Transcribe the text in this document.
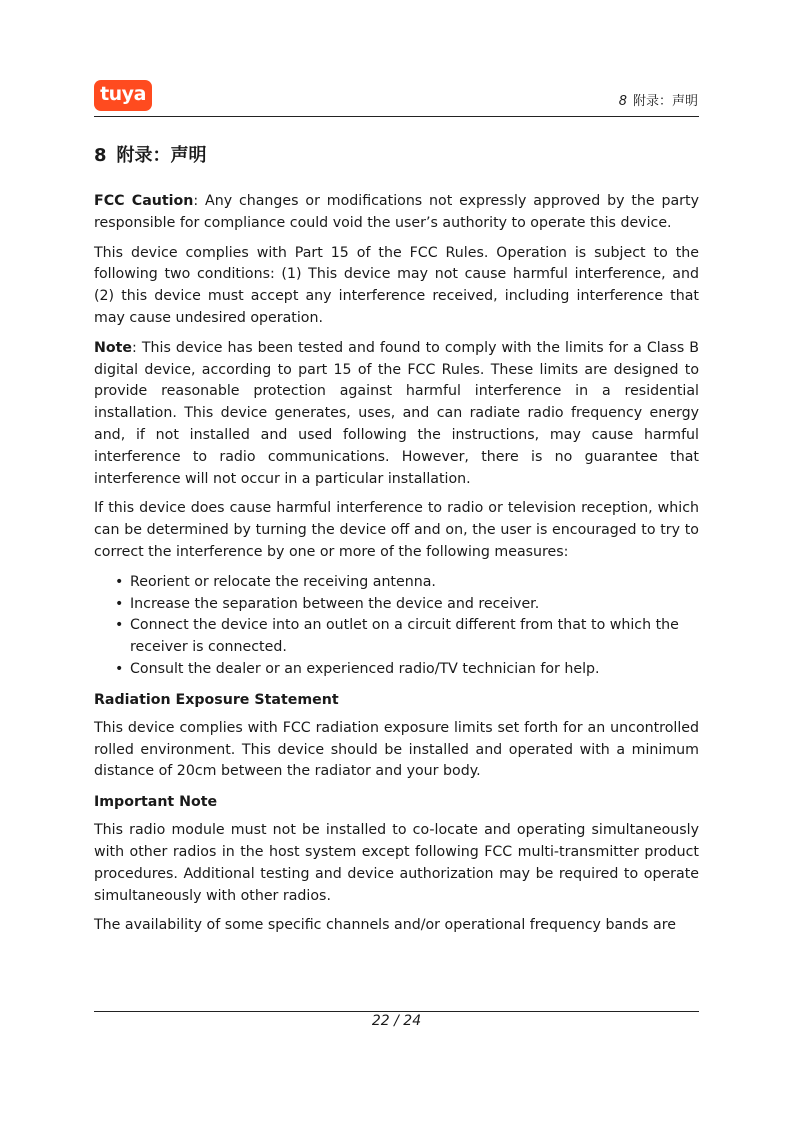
tuya	8 附录：声明
8 附录：声明

FCC Caution: Any changes or modifications not expressly approved by the party responsible for compliance could void the user’s authority to operate this device.

This device complies with Part 15 of the FCC Rules. Operation is subject to the following two conditions: (1) This device may not cause harmful interference, and (2) this device must accept any interference received, including interference that may cause undesired operation.

Note: This device has been tested and found to comply with the limits for a Class B digital device, according to part 15 of the FCC Rules. These limits are designed to provide reasonable protection against harmful interference in a residential installation. This device generates, uses, and can radiate radio frequency energy and, if not installed and used following the instructions, may cause harmful interference to radio communications. However, there is no guarantee that interference will not occur in a particular installation.

If this device does cause harmful interference to radio or television reception, which can be determined by turning the device off and on, the user is encouraged to try to correct the interference by one or more of the following measures:

• Reorient or relocate the receiving antenna.
• Increase the separation between the device and receiver.
• Connect the device into an outlet on a circuit different from that to which the receiver is connected.
• Consult the dealer or an experienced radio/TV technician for help.
Radiation Exposure Statement

This device complies with FCC radiation exposure limits set forth for an uncontrolled rolled environment. This device should be installed and operated with a minimum distance of 20cm between the radiator and your body.

Important Note

This radio module must not be installed to co-locate and operating simultaneously with other radios in the host system except following FCC multi-transmitter product procedures. Additional testing and device authorization may be required to operate simultaneously with other radios.

The availability of some specific channels and/or operational frequency bands are

22 / 24
